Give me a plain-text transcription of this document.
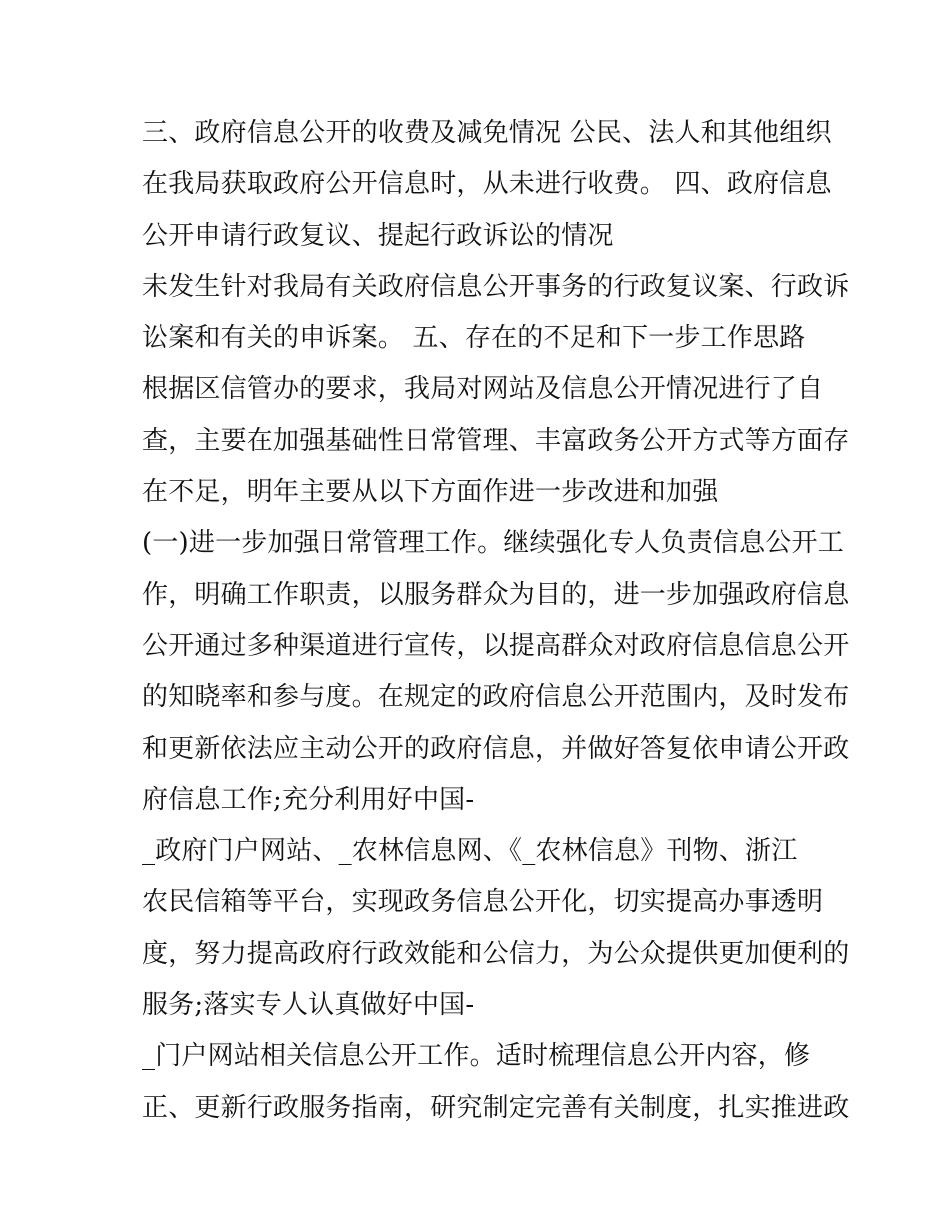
三、政府信息公开的收费及减免情况 公民、法人和其他组织
在我局获取政府公开信息时，从未进行收费。 四、政府信息
公开申请行政复议、提起行政诉讼的情况
未发生针对我局有关政府信息公开事务的行政复议案、行政诉
讼案和有关的申诉案。 五、存在的不足和下一步工作思路
根据区信管办的要求，我局对网站及信息公开情况进行了自
查，主要在加强基础性日常管理、丰富政务公开方式等方面存
在不足，明年主要从以下方面作进一步改进和加强
(一)进一步加强日常管理工作。继续强化专人负责信息公开工
作，明确工作职责，以服务群众为目的，进一步加强政府信息
公开通过多种渠道进行宣传，以提高群众对政府信息信息公开
的知晓率和参与度。在规定的政府信息公开范围内，及时发布
和更新依法应主动公开的政府信息，并做好答复依申请公开政
府信息工作;充分利用好中国-
_政府门户网站、_农林信息网、《_农林信息》刊物、浙江
农民信箱等平台，实现政务信息公开化，切实提高办事透明
度，努力提高政府行政效能和公信力，为公众提供更加便利的
服务;落实专人认真做好中国-
_门户网站相关信息公开工作。适时梳理信息公开内容，修
正、更新行政服务指南，研究制定完善有关制度，扎实推进政
